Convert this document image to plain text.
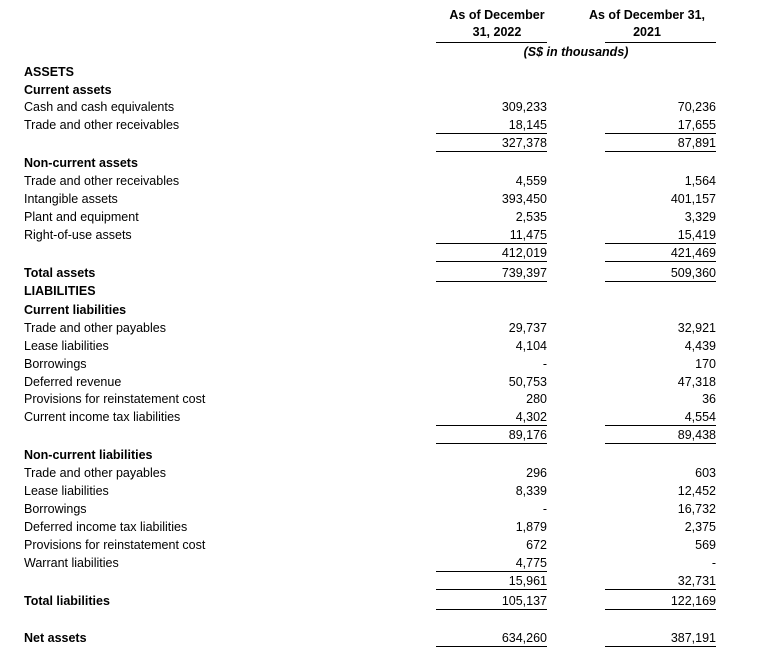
As of December
31, 2022
As of December 31,
2021
(S$ in thousands)
ASSETS
Current assets
Cash and cash equivalents	309,233	70,236
Trade and other receivables	18,145	17,655
327,378	87,891
Non-current assets
Trade and other receivables	4,559	1,564
Intangible assets	393,450	401,157
Plant and equipment	2,535	3,329
Right-of-use assets	11,475	15,419
412,019	421,469
Total assets	739,397	509,360
LIABILITIES
Current liabilities
Trade and other payables	29,737	32,921
Lease liabilities	4,104	4,439
Borrowings	-	170
Deferred revenue	50,753	47,318
Provisions for reinstatement cost	280	36
Current income tax liabilities	4,302	4,554
89,176	89,438
Non-current liabilities
Trade and other payables	296	603
Lease liabilities	8,339	12,452
Borrowings	-	16,732
Deferred income tax liabilities	1,879	2,375
Provisions for reinstatement cost	672	569
Warrant liabilities	4,775	-
15,961	32,731
Total liabilities	105,137	122,169
Net assets	634,260	387,191
